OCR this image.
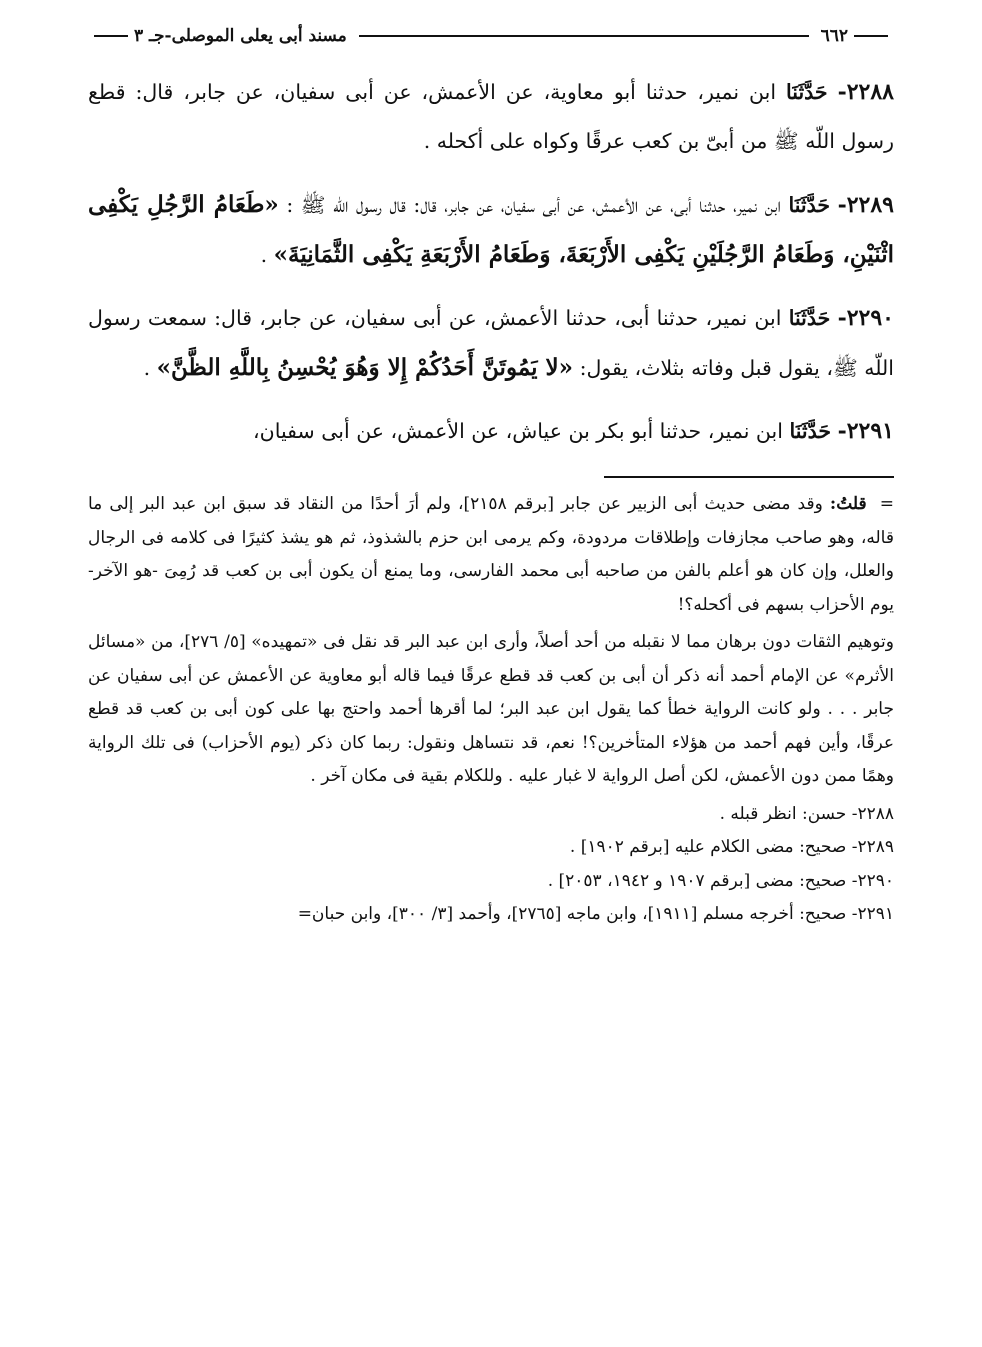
٦٦٢
مسند أبى يعلى الموصلى-جـ ٣
٢٢٨٨- حَدَّثَنَا ابن نمير، حدثنا أبو معاوية، عن الأعمش، عن أبى سفيان، عن جابر، قال: قطع رسول اللّه ﷺ من أبىّ بن كعب عرقًا وكواه على أكحله .
٢٢٨٩- حَدَّثَنَا ابن نمير، حدثنا أبى، عن الأعمش، عن أبى سفيان، عن جابر، قال: قال رسول اللّه ﷺ : «طَعَامُ الرَّجُلِ يَكْفِى اثْنَيْنِ، وَطَعَامُ الرَّجُلَيْنِ يَكْفِى الأَرْبَعَةَ، وَطَعَامُ الأَرْبَعَةِ يَكْفِى الثَّمَانِيَةَ» .
٢٢٩٠- حَدَّثَنَا ابن نمير، حدثنا أبى، حدثنا الأعمش، عن أبى سفيان، عن جابر، قال: سمعت رسول اللّه ﷺ، يقول قبل وفاته بثلاث، يقول: «لا يَمُوتَنَّ أَحَدُكُمْ إِلا وَهُوَ يُحْسِنُ بِاللَّهِ الظَّنَّ» .
٢٢٩١- حَدَّثَنَا ابن نمير، حدثنا أبو بكر بن عياش، عن الأعمش، عن أبى سفيان،

= قلتُ: وقد مضى حديث أبى الزبير عن جابر [برقم ٢١٥٨]، ولم أرَ أحدًا من النقاد قد سبق ابن عبد البر إلى ما قاله، وهو صاحب مجازفات وإطلاقات مردودة، وكم يرمى ابن حزم بالشذوذ، ثم هو يشذ كثيرًا فى كلامه فى الرجال والعلل، وإن كان هو أعلم بالفن من صاحبه أبى محمد الفارسى، وما يمنع أن يكون أبى بن كعب قد رُمِىَ -هو الآخر- يوم الأحزاب بسهم فى أكحله؟!

وتوهيم الثقات دون برهان مما لا نقبله من أحد أصلاً، وأرى ابن عبد البر قد نقل فى «تمهيده» [٥/ ٢٧٦]، من «مسائل الأثرم» عن الإمام أحمد أنه ذكر أن أبى بن كعب قد قطع عرقًا فيما قاله أبو معاوية عن الأعمش عن أبى سفيان عن جابر . . . ولو كانت الرواية خطأ كما يقول ابن عبد البر؛ لما أقرها أحمد واحتج بها على كون أبى بن كعب قد قطع عرقًا، وأين فهم أحمد من هؤلاء المتأخرين؟! نعم، قد نتساهل ونقول: ربما كان ذكر (يوم الأحزاب) فى تلك الرواية وهمًا ممن دون الأعمش، لكن أصل الرواية لا غبار عليه . وللكلام بقية فى مكان آخر .

٢٢٨٨- حسن: انظر قبله .

٢٢٨٩- صحيح: مضى الكلام عليه [برقم ١٩٠٢] .

٢٢٩٠- صحيح: مضى [برقم ١٩٠٧ و ١٩٤٢، ٢٠٥٣] .

٢٢٩١- صحيح: أخرجه مسلم [١٩١١]، وابن ماجه [٢٧٦٥]، وأحمد [٣/ ٣٠٠]، وابن حبان=
